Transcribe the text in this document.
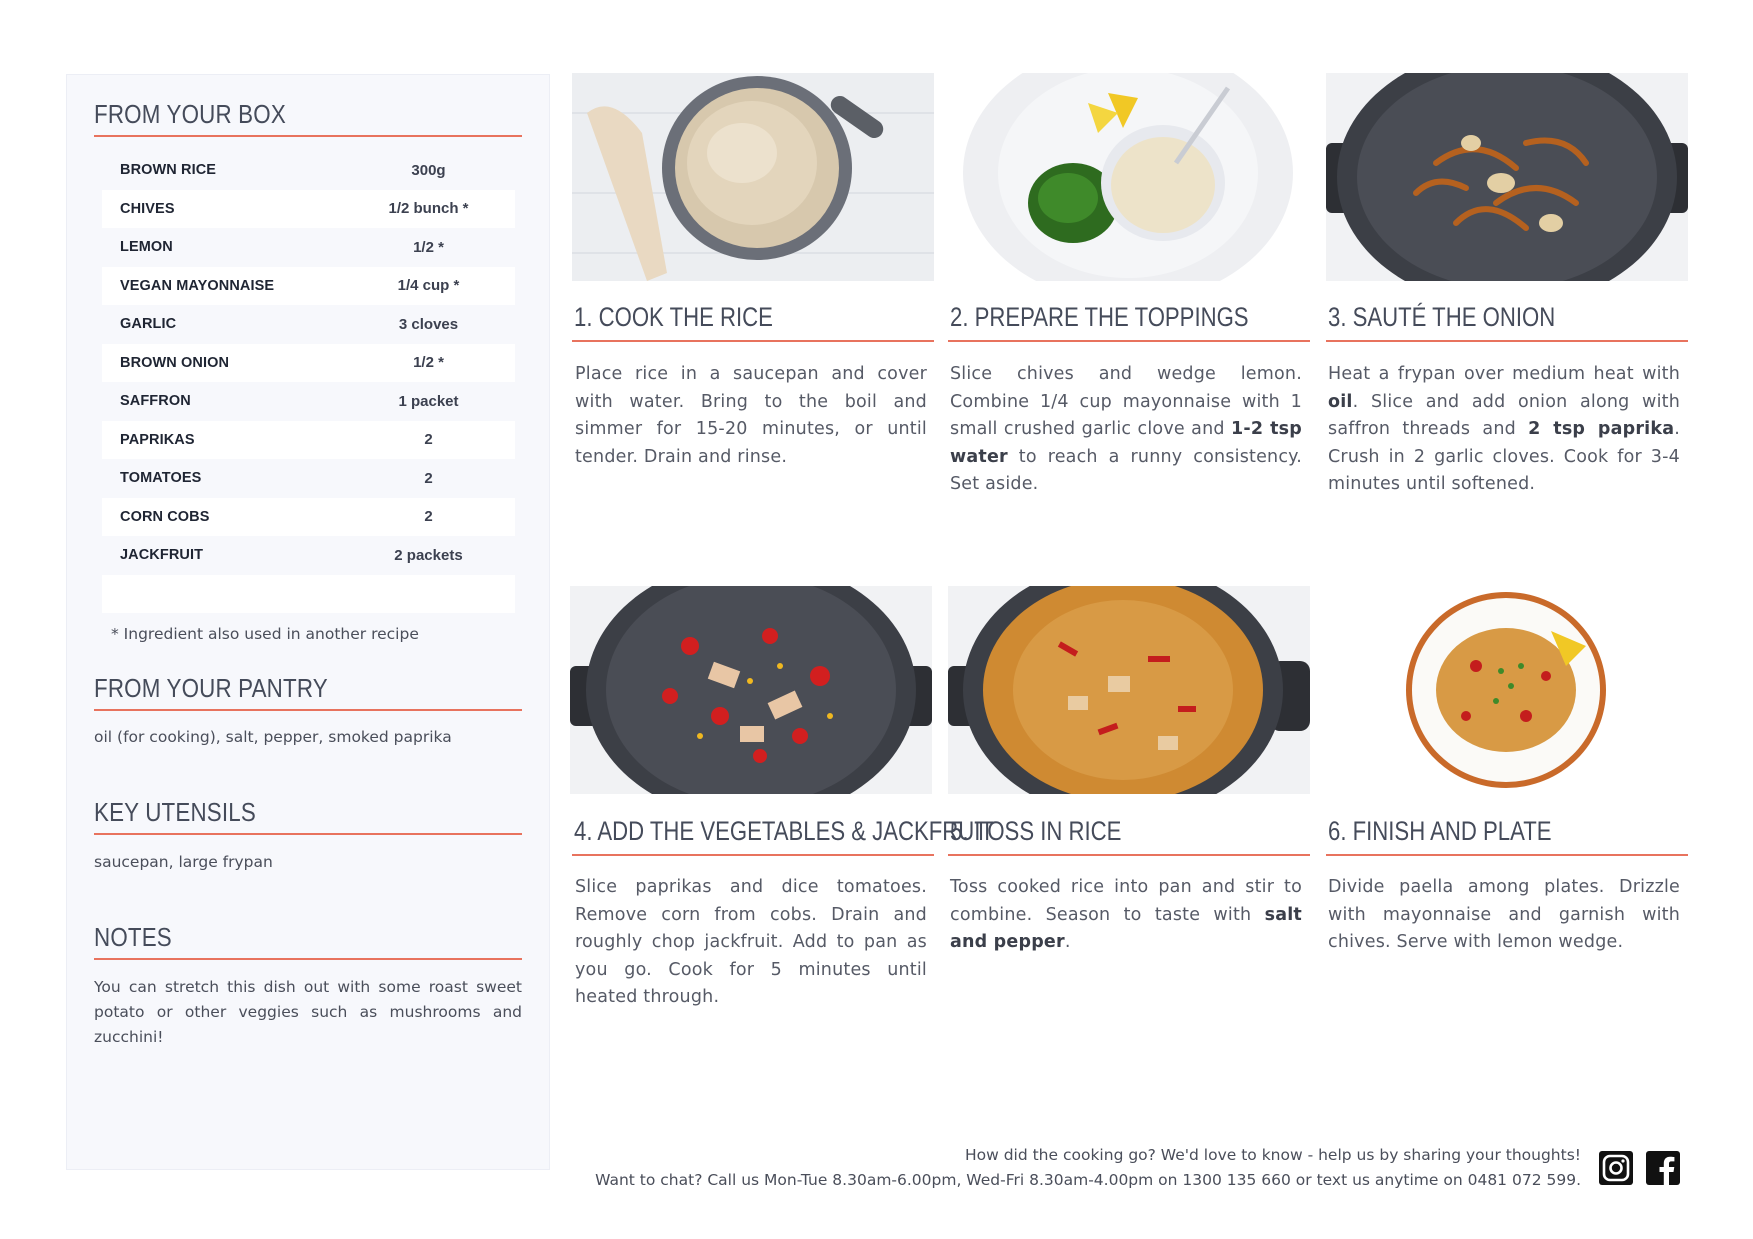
FROM YOUR BOX
BROWN RICE	300g
CHIVES	1/2 bunch *
LEMON	1/2 *
VEGAN MAYONNAISE	1/4 cup *
GARLIC	3 cloves
BROWN ONION	1/2 *
SAFFRON	1 packet
PAPRIKAS	2
TOMATOES	2
CORN COBS	2
JACKFRUIT	2 packets
* Ingredient also used in another recipe
FROM YOUR PANTRY
oil (for cooking), salt, pepper, smoked paprika
KEY UTENSILS
saucepan, large frypan
NOTES
You can stretch this dish out with some roast sweet potato or other veggies such as mushrooms and zucchini!
1. COOK THE RICE
Place rice in a saucepan and cover with water. Bring to the boil and simmer for 15-20 minutes, or until tender. Drain and rinse.
2. PREPARE THE TOPPINGS
Slice chives and wedge lemon. Combine 1/4 cup mayonnaise with 1 small crushed garlic clove and 1-2 tsp water to reach a runny consistency. Set aside.
3. SAUTÉ THE ONION
Heat a frypan over medium heat with oil. Slice and add onion along with saffron threads and 2 tsp paprika. Crush in 2 garlic cloves. Cook for 3-4 minutes until softened.
4. ADD THE VEGETABLES & JACKFRUIT
Slice paprikas and dice tomatoes. Remove corn from cobs. Drain and roughly chop jackfruit. Add to pan as you go. Cook for 5 minutes until heated through.
5. TOSS IN RICE
Toss cooked rice into pan and stir to combine. Season to taste with salt and pepper.
6. FINISH AND PLATE
Divide paella among plates. Drizzle with mayonnaise and garnish with chives. Serve with lemon wedge.
How did the cooking go? We'd love to know - help us by sharing your thoughts!
Want to chat? Call us Mon-Tue 8.30am-6.00pm, Wed-Fri 8.30am-4.00pm on 1300 135 660 or text us anytime on 0481 072 599.
